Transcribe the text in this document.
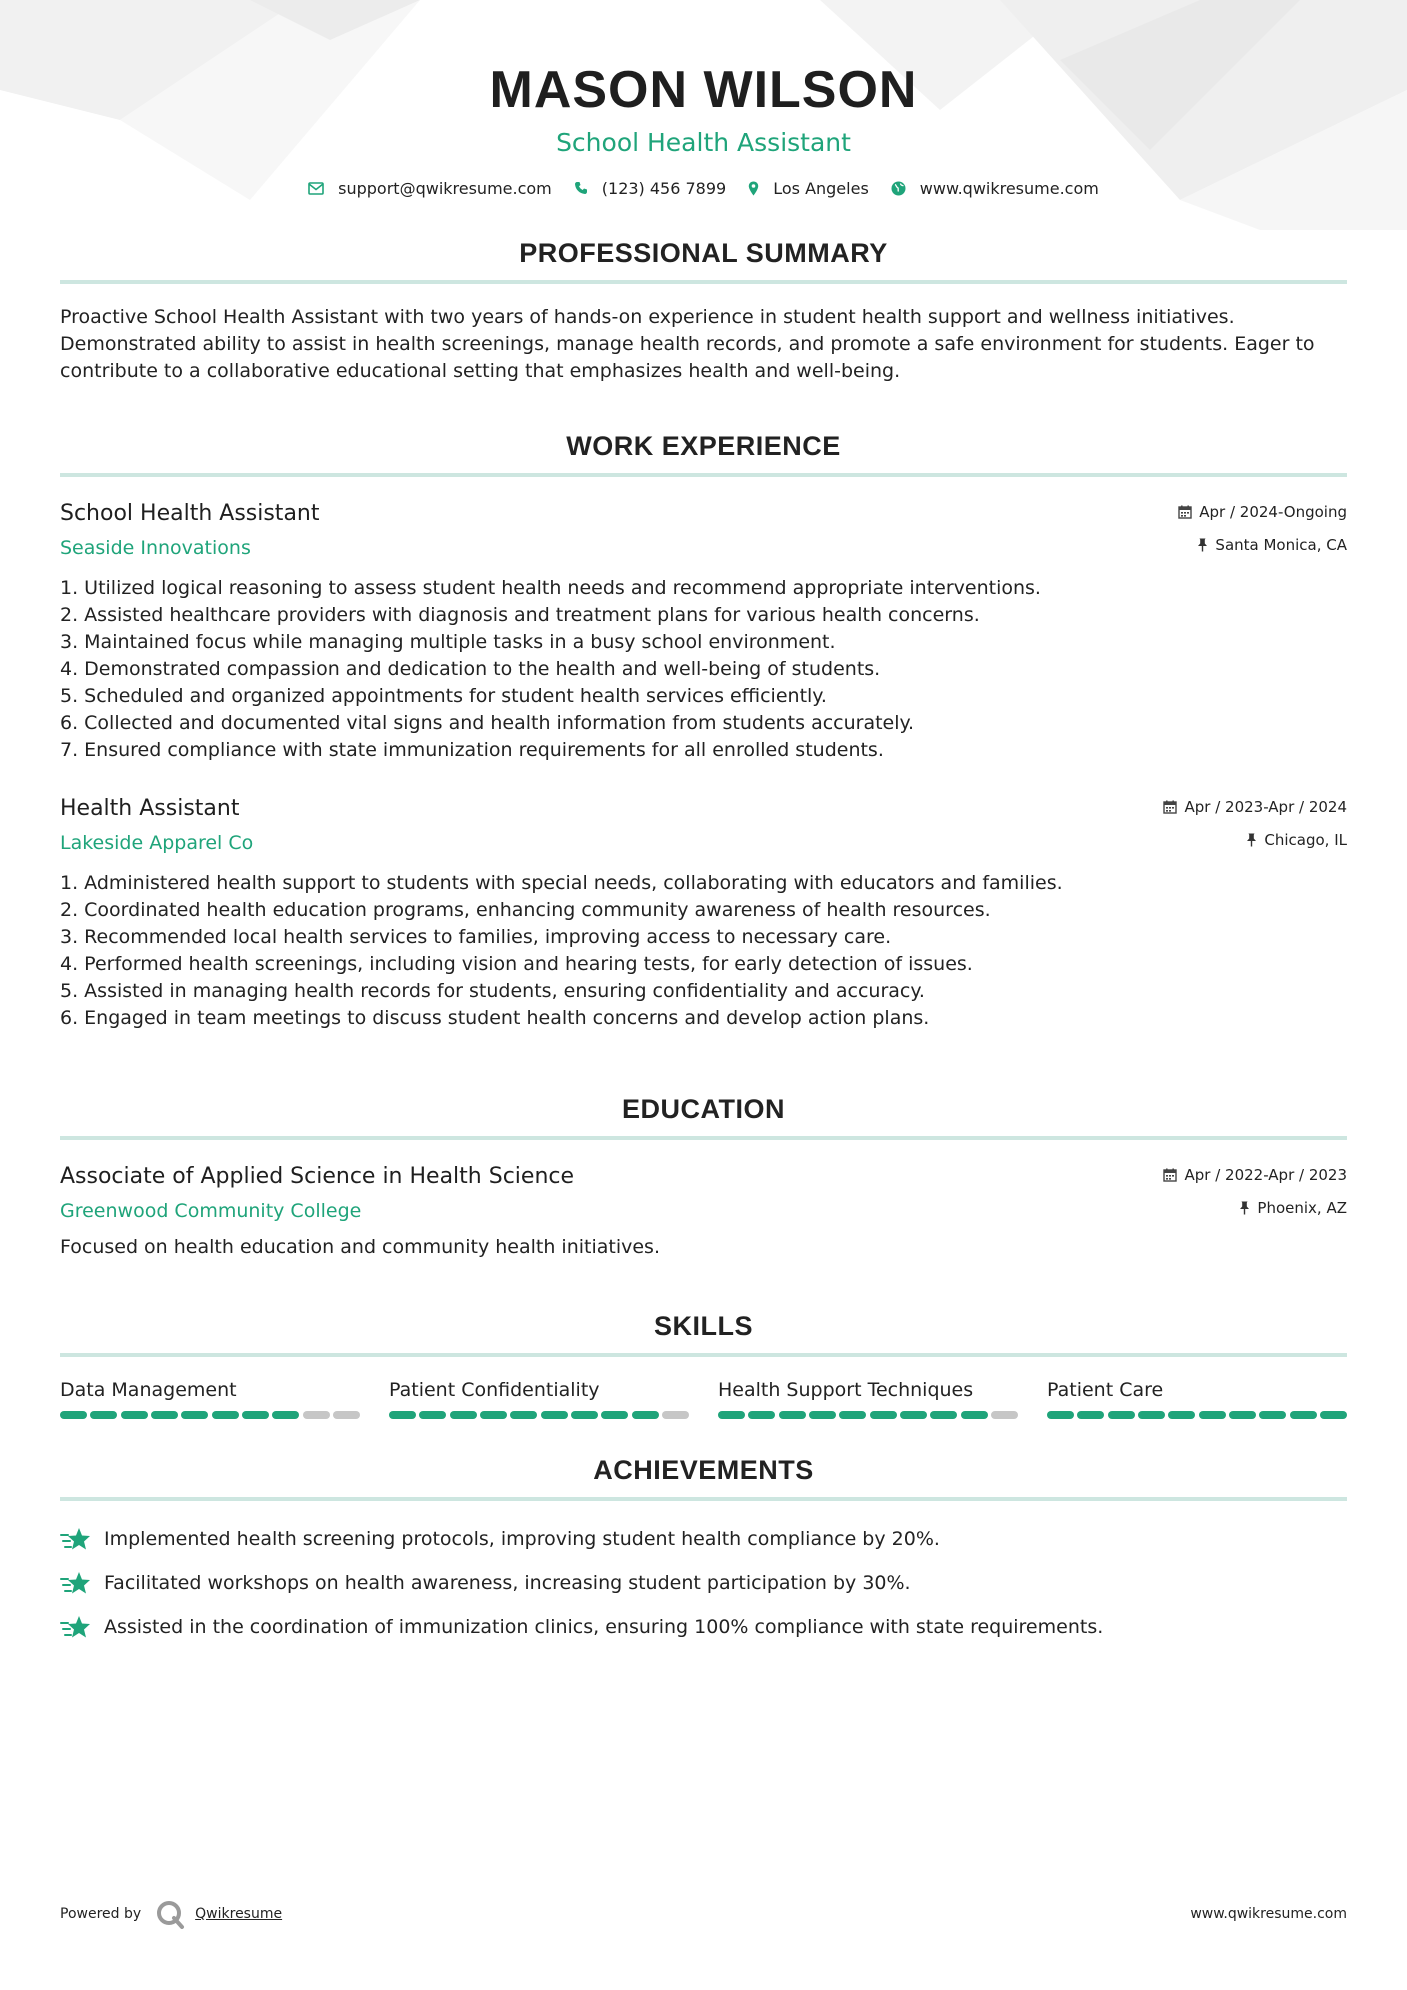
MASON WILSON
School Health Assistant
support@qwikresume.com	(123) 456 7899	Los Angeles	www.qwikresume.com
PROFESSIONAL SUMMARY
Proactive School Health Assistant with two years of hands-on experience in student health support and wellness initiatives. Demonstrated ability to assist in health screenings, manage health records, and promote a safe environment for students. Eager to contribute to a collaborative educational setting that emphasizes health and well-being.
WORK EXPERIENCE
School Health Assistant
Seaside Innovations
Apr / 2024-Ongoing
Santa Monica, CA
1. Utilized logical reasoning to assess student health needs and recommend appropriate interventions.
2. Assisted healthcare providers with diagnosis and treatment plans for various health concerns.
3. Maintained focus while managing multiple tasks in a busy school environment.
4. Demonstrated compassion and dedication to the health and well-being of students.
5. Scheduled and organized appointments for student health services efficiently.
6. Collected and documented vital signs and health information from students accurately.
7. Ensured compliance with state immunization requirements for all enrolled students.
Health Assistant
Lakeside Apparel Co
Apr / 2023-Apr / 2024
Chicago, IL
1. Administered health support to students with special needs, collaborating with educators and families.
2. Coordinated health education programs, enhancing community awareness of health resources.
3. Recommended local health services to families, improving access to necessary care.
4. Performed health screenings, including vision and hearing tests, for early detection of issues.
5. Assisted in managing health records for students, ensuring confidentiality and accuracy.
6. Engaged in team meetings to discuss student health concerns and develop action plans.
EDUCATION
Associate of Applied Science in Health Science
Greenwood Community College
Apr / 2022-Apr / 2023
Phoenix, AZ
Focused on health education and community health initiatives.
SKILLS
Data Management	Patient Confidentiality	Health Support Techniques	Patient Care
ACHIEVEMENTS
Implemented health screening protocols, improving student health compliance by 20%.
Facilitated workshops on health awareness, increasing student participation by 30%.
Assisted in the coordination of immunization clinics, ensuring 100% compliance with state requirements.
Powered by	Qwikresume	www.qwikresume.com
